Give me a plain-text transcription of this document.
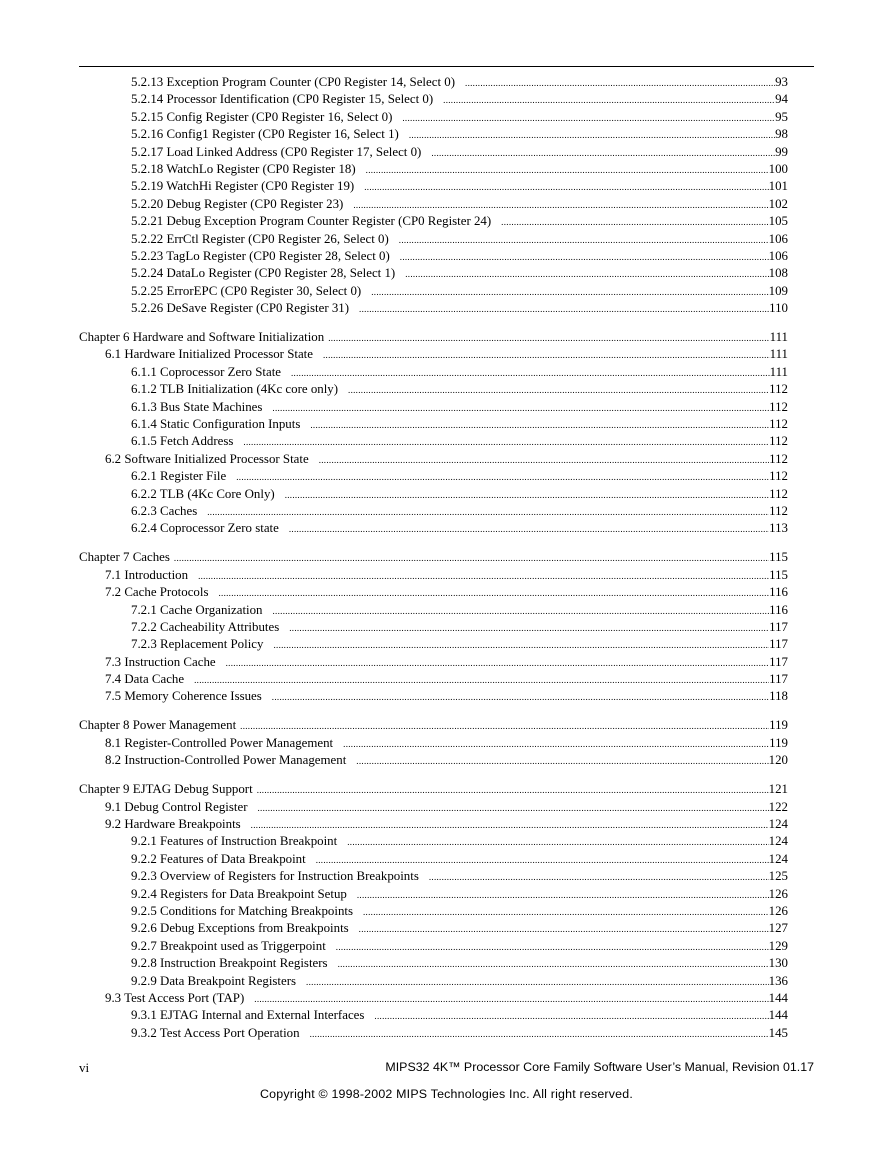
5.2.13 Exception Program Counter (CP0 Register 14, Select 0) .....	93
5.2.14 Processor Identification (CP0 Register 15, Select 0) .....	94
5.2.15 Config Register (CP0 Register 16, Select 0) .....	95
5.2.16 Config1 Register (CP0 Register 16, Select 1) .....	98
5.2.17 Load Linked Address (CP0 Register 17, Select 0) .....	99
5.2.18 WatchLo Register (CP0 Register 18) .....	100
5.2.19 WatchHi Register (CP0 Register 19) .....	101
5.2.20 Debug Register (CP0 Register 23) .....	102
5.2.21 Debug Exception Program Counter Register (CP0 Register 24) .....	105
5.2.22 ErrCtl Register (CP0 Register 26, Select 0) .....	106
5.2.23 TagLo Register (CP0 Register 28, Select 0) .....	106
5.2.24 DataLo Register (CP0 Register 28, Select 1) .....	108
5.2.25 ErrorEPC (CP0 Register 30, Select 0) .....	109
5.2.26 DeSave Register (CP0 Register 31) .....	110
Chapter 6 Hardware and Software Initialization .....	111
6.1 Hardware Initialized Processor State .....	111
6.1.1 Coprocessor Zero State .....	111
6.1.2 TLB Initialization (4Kc core only) .....	112
6.1.3 Bus State Machines .....	112
6.1.4 Static Configuration Inputs .....	112
6.1.5 Fetch Address .....	112
6.2 Software Initialized Processor State .....	112
6.2.1 Register File .....	112
6.2.2 TLB (4Kc Core Only) .....	112
6.2.3 Caches .....	112
6.2.4 Coprocessor Zero state .....	113
Chapter 7 Caches .....	115
7.1 Introduction .....	115
7.2 Cache Protocols .....	116
7.2.1 Cache Organization .....	116
7.2.2 Cacheability Attributes .....	117
7.2.3 Replacement Policy .....	117
7.3 Instruction Cache .....	117
7.4 Data Cache .....	117
7.5 Memory Coherence Issues .....	118
Chapter 8 Power Management .....	119
8.1 Register-Controlled Power Management .....	119
8.2 Instruction-Controlled Power Management .....	120
Chapter 9 EJTAG Debug Support .....	121
9.1 Debug Control Register .....	122
9.2 Hardware Breakpoints .....	124
9.2.1 Features of Instruction Breakpoint .....	124
9.2.2 Features of Data Breakpoint .....	124
9.2.3 Overview of Registers for Instruction Breakpoints .....	125
9.2.4 Registers for Data Breakpoint Setup .....	126
9.2.5 Conditions for Matching Breakpoints .....	126
9.2.6 Debug Exceptions from Breakpoints .....	127
9.2.7 Breakpoint used as Triggerpoint .....	129
9.2.8 Instruction Breakpoint Registers .....	130
9.2.9 Data Breakpoint Registers .....	136
9.3 Test Access Port (TAP) .....	144
9.3.1 EJTAG Internal and External Interfaces .....	144
9.3.2 Test Access Port Operation .....	145
vi	MIPS32 4K™ Processor Core Family Software User’s Manual, Revision 01.17
Copyright © 1998-2002 MIPS Technologies Inc. All right reserved.
